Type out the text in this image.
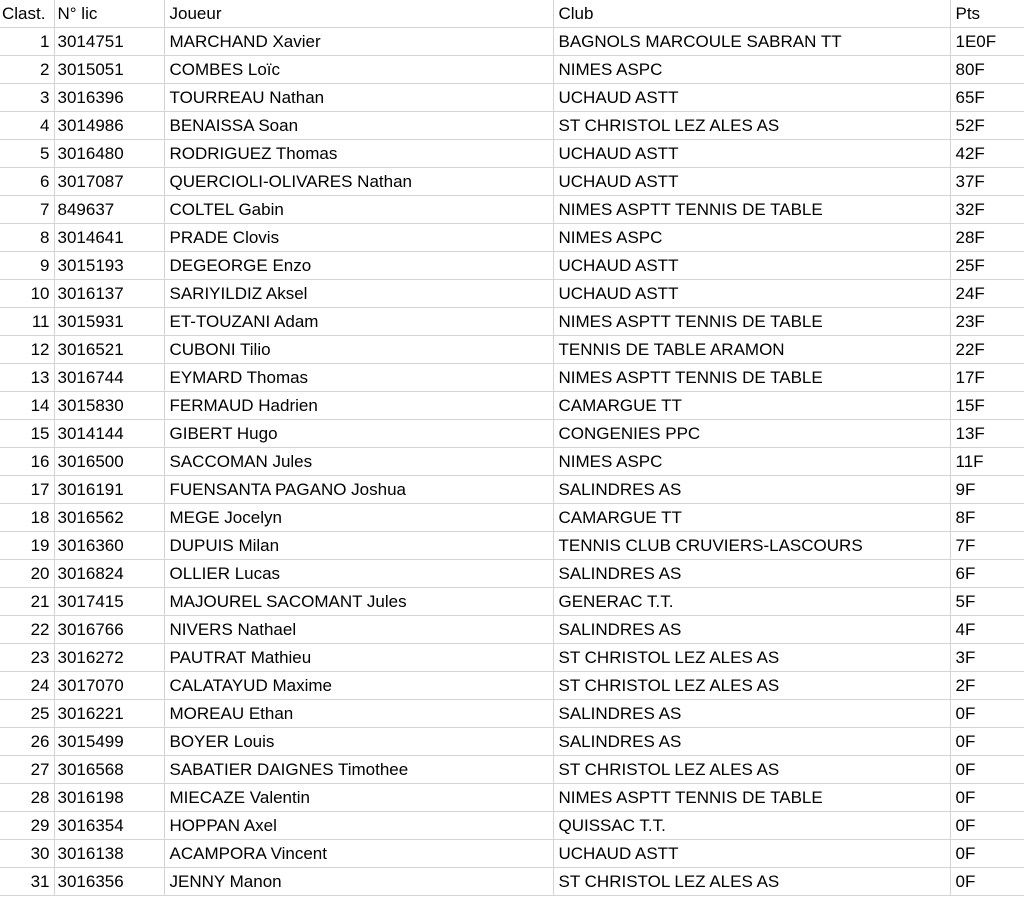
Clast.	N° lic	Joueur	Club	Pts
1	3014751	MARCHAND Xavier	BAGNOLS MARCOULE SABRAN TT	1E0F
2	3015051	COMBES Loïc	NIMES ASPC	80F
3	3016396	TOURREAU Nathan	UCHAUD ASTT	65F
4	3014986	BENAISSA Soan	ST CHRISTOL LEZ ALES AS	52F
5	3016480	RODRIGUEZ Thomas	UCHAUD ASTT	42F
6	3017087	QUERCIOLI-OLIVARES Nathan	UCHAUD ASTT	37F
7	849637	COLTEL Gabin	NIMES ASPTT TENNIS DE TABLE	32F
8	3014641	PRADE Clovis	NIMES ASPC	28F
9	3015193	DEGEORGE Enzo	UCHAUD ASTT	25F
10	3016137	SARIYILDIZ Aksel	UCHAUD ASTT	24F
11	3015931	ET-TOUZANI Adam	NIMES ASPTT TENNIS DE TABLE	23F
12	3016521	CUBONI Tilio	TENNIS DE TABLE ARAMON	22F
13	3016744	EYMARD Thomas	NIMES ASPTT TENNIS DE TABLE	17F
14	3015830	FERMAUD Hadrien	CAMARGUE TT	15F
15	3014144	GIBERT Hugo	CONGENIES PPC	13F
16	3016500	SACCOMAN Jules	NIMES ASPC	11F
17	3016191	FUENSANTA PAGANO Joshua	SALINDRES AS	9F
18	3016562	MEGE Jocelyn	CAMARGUE TT	8F
19	3016360	DUPUIS Milan	TENNIS CLUB CRUVIERS-LASCOURS	7F
20	3016824	OLLIER Lucas	SALINDRES AS	6F
21	3017415	MAJOUREL SACOMANT Jules	GENERAC T.T.	5F
22	3016766	NIVERS Nathael	SALINDRES AS	4F
23	3016272	PAUTRAT Mathieu	ST CHRISTOL LEZ ALES AS	3F
24	3017070	CALATAYUD Maxime	ST CHRISTOL LEZ ALES AS	2F
25	3016221	MOREAU Ethan	SALINDRES AS	0F
26	3015499	BOYER Louis	SALINDRES AS	0F
27	3016568	SABATIER DAIGNES Timothee	ST CHRISTOL LEZ ALES AS	0F
28	3016198	MIECAZE Valentin	NIMES ASPTT TENNIS DE TABLE	0F
29	3016354	HOPPAN Axel	QUISSAC T.T.	0F
30	3016138	ACAMPORA Vincent	UCHAUD ASTT	0F
31	3016356	JENNY Manon	ST CHRISTOL LEZ ALES AS	0F
